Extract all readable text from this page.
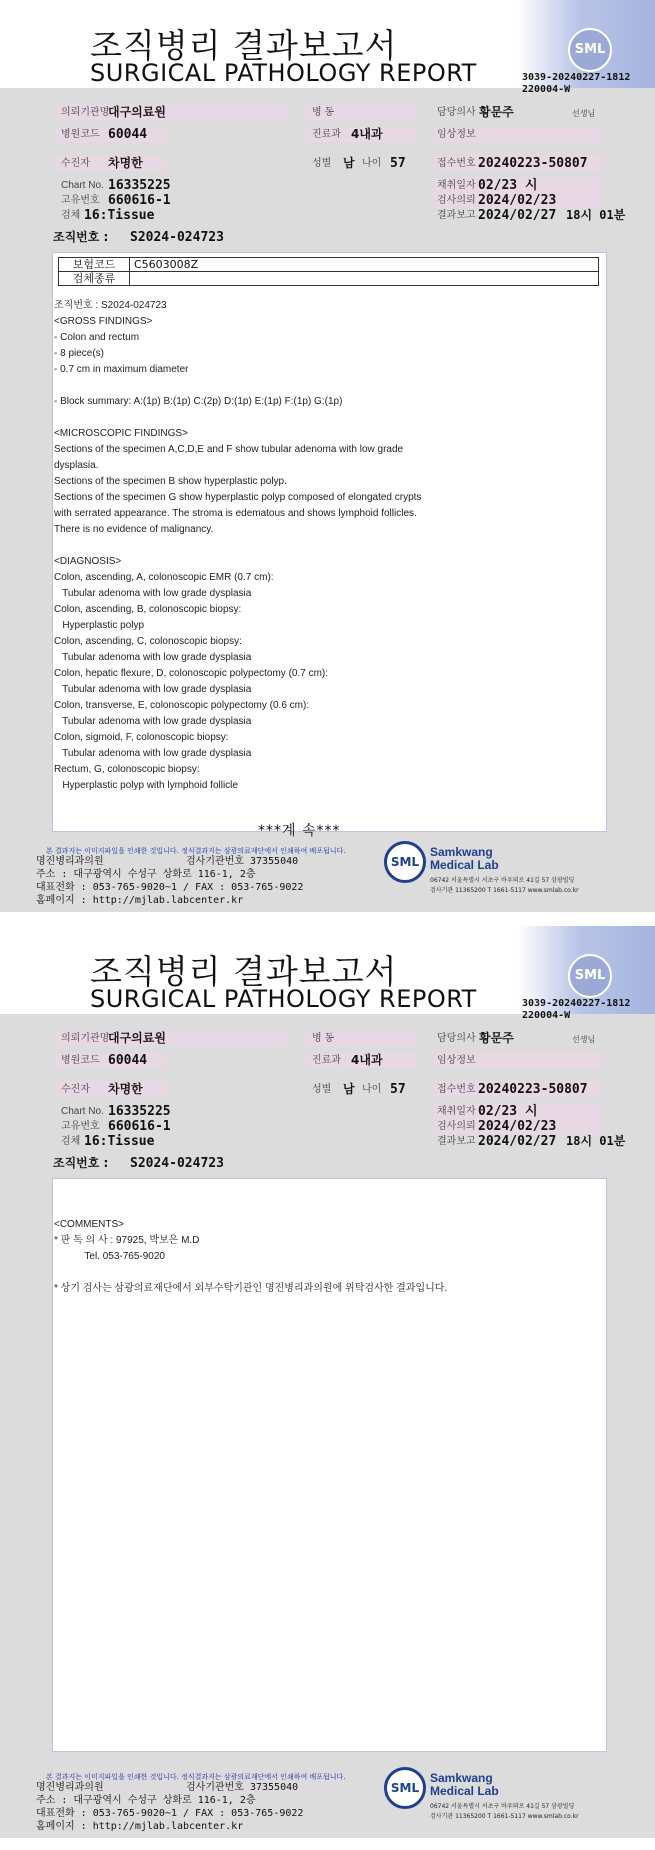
조직병리 결과보고서
SURGICAL PATHOLOGY REPORT
SML
3039-20240227-1812
220004-W
의뢰기관명
대구의료원	병 동	담당의사 황문주	선생님
병원코드 60044	진료과 4내과	임상정보
수진자 차명한	성별 남 나이 57	접수번호 20240223-50807
Chart No. 16335225
고유번호 660616-1
검체 16:Tissue
채취일자 02/23 시
검사의뢰 2024/02/23
결과보고 2024/02/27 18시 01분
조직번호 : S2024-024723
보험코드	C5603008Z
검체종류	
조직번호 : S2024-024723
<GROSS FINDINGS>
- Colon and rectum
- 8 piece(s)
- 0.7 cm in maximum diameter

- Block summary: A:(1p) B:(1p) C:(2p) D:(1p) E:(1p) F:(1p) G:(1p)

<MICROSCOPIC FINDINGS>
Sections of the specimen A,C,D,E and F show tubular adenoma with low grade
dysplasia.
Sections of the specimen B show hyperplastic polyp.
Sections of the specimen G show hyperplastic polyp composed of elongated crypts
with serrated appearance. The stroma is edematous and shows lymphoid follicles.
There is no evidence of malignancy.

<DIAGNOSIS>
Colon, ascending, A, colonoscopic EMR (0.7 cm):
Tubular adenoma with low grade dysplasia
Colon, ascending, B, colonoscopic biopsy:
Hyperplastic polyp
Colon, ascending, C, colonoscopic biopsy:
Tubular adenoma with low grade dysplasia
Colon, hepatic flexure, D, colonoscopic polypectomy (0.7 cm):
Tubular adenoma with low grade dysplasia
Colon, transverse, E, colonoscopic polypectomy (0.6 cm):
Tubular adenoma with low grade dysplasia
Colon, sigmoid, F, colonoscopic biopsy:
Tubular adenoma with low grade dysplasia
Rectum, G, colonoscopic biopsy:
Hyperplastic polyp with lymphoid follicle
***계 속***
본 결과지는 이미지파일을 인쇄한 것입니다. 정식결과지는 삼광의료재단에서 인쇄하여 배포됩니다.
명진병리과의원	검사기관번호 37355040
주소 : 대구광역시 수성구 상화로 116-1, 2층
대표전화 : 053-765-9020~1 / FAX : 053-765-9022
홈페이지 : http://mjlab.labcenter.kr
SML
Samkwang
Medical Lab
06742 서울특별시 서초구 바우뫼로 41길 57 삼광빌딩
검사기관 11365200 T 1661-5117 www.smlab.co.kr
조직병리 결과보고서
SURGICAL PATHOLOGY REPORT
SML
3039-20240227-1812
220004-W
의뢰기관명
대구의료원	병 동	담당의사 황문주	선생님
병원코드 60044	진료과 4내과	임상정보
수진자 차명한	성별 남 나이 57	접수번호 20240223-50807
Chart No. 16335225
고유번호 660616-1
검체 16:Tissue
채취일자 02/23 시
검사의뢰 2024/02/23
결과보고 2024/02/27 18시 01분
조직번호 : S2024-024723
<COMMENTS>
* 판 독 의 사 : 97925, 박보은 M.D
Tel. 053-765-9020

* 상기 검사는 삼광의료재단에서 외부수탁기관인 명진병리과의원에 위탁검사한 결과입니다.
본 결과지는 이미지파일을 인쇄한 것입니다. 정식결과지는 삼광의료재단에서 인쇄하여 배포됩니다.
명진병리과의원	검사기관번호 37355040
주소 : 대구광역시 수성구 상화로 116-1, 2층
대표전화 : 053-765-9020~1 / FAX : 053-765-9022
홈페이지 : http://mjlab.labcenter.kr
SML
Samkwang
Medical Lab
06742 서울특별시 서초구 바우뫼로 41길 57 삼광빌딩
검사기관 11365200 T 1661-5117 www.smlab.co.kr
